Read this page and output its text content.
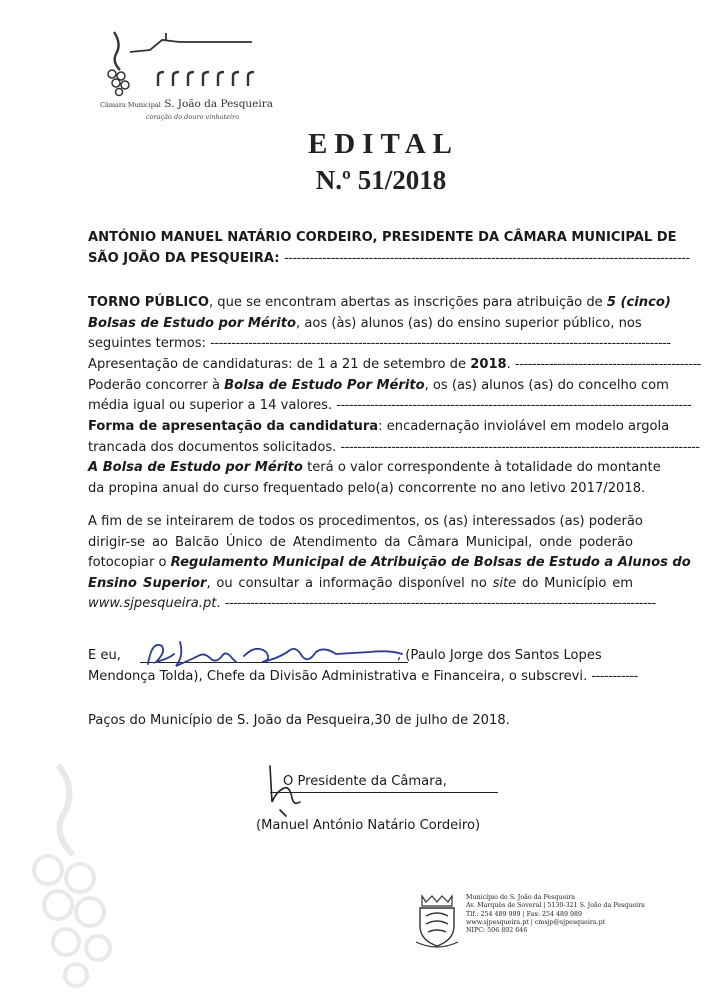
Câmara Municipal S. João da Pesqueira
coração do douro vinhateiro
EDITAL
N.º 51/2018
ANTÓNIO MANUEL NATÁRIO CORDEIRO, PRESIDENTE DA CÂMARA MUNICIPAL DE
SÃO JOÃO DA PESQUEIRA: ------------------------------------------------------------------------------------------------
TORNO PÚBLICO, que se encontram abertas as inscrições para atribuição de 5 (cinco)
Bolsas de Estudo por Mérito, aos (às) alunos (as) do ensino superior público, nos
seguintes termos: -------------------------------------------------------------------------------------------------------------
Apresentação de candidaturas: de 1 a 21 de setembro de 2018. --------------------------------------------
Poderão concorrer à Bolsa de Estudo Por Mérito, os (as) alunos (as) do concelho com
média igual ou superior a 14 valores. ------------------------------------------------------------------------------------
Forma de apresentação da candidatura: encadernação inviolável em modelo argola
trancada dos documentos solicitados. -------------------------------------------------------------------------------------
A Bolsa de Estudo por Mérito terá o valor correspondente à totalidade do montante
da propina anual do curso frequentado pelo(a) concorrente no ano letivo 2017/2018.
A fim de se inteirarem de todos os procedimentos, os (as) interessados (as) poderão
dirigir-se ao Balcão Único de Atendimento da Câmara Municipal, onde poderão
fotocopiar o Regulamento Municipal de Atribuição de Bolsas de Estudo a Alunos do
Ensino Superior, ou consultar a informação disponível no site do Município em
www.sjpesqueira.pt. ------------------------------------------------------------------------------------------------------
E eu,	, (Paulo Jorge dos Santos Lopes
Mendonça Tolda), Chefe da Divisão Administrativa e Financeira, o subscrevi. -----------
Paços do Município de S. João da Pesqueira,30 de julho de 2018.
O Presidente da Câmara,
(Manuel António Natário Cordeiro)
Município de S. João da Pesqueira
Av. Marquês de Soveral | 5130-321 S. João da Pesqueira
Tlf.: 254 489 999 | Fax: 254 489 989
www.sjpesqueira.pt | cmsjp@sjpesqueira.pt
NIPC: 506 892 646
